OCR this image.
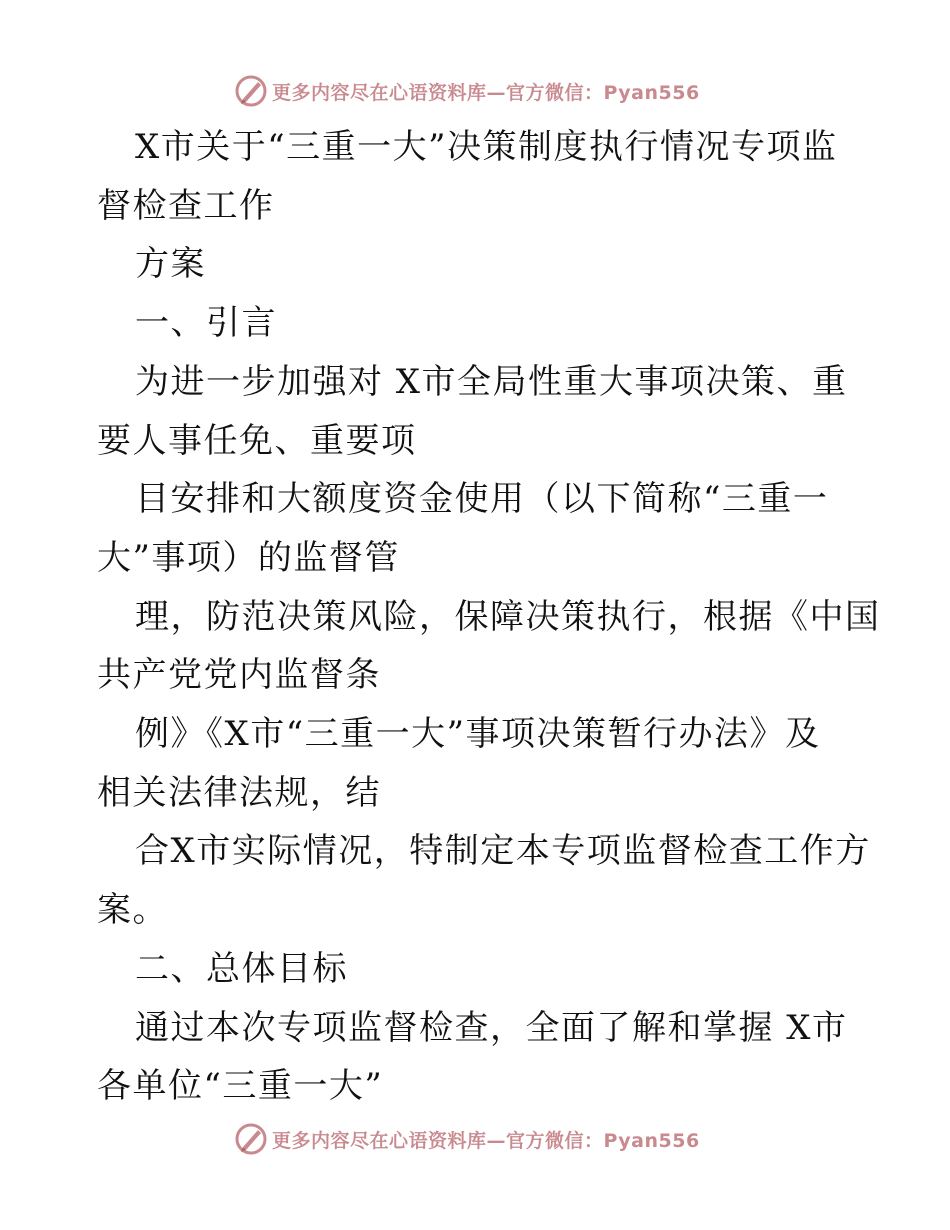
更多内容尽在心语资料库—官方微信：Pyan556
X市关于“三重一大”决策制度执行情况专项监
督检查工作
方案
一、引言
为进一步加强对 X市全局性重大事项决策、重
要人事任免、重要项
目安排和大额度资金使用（以下简称“三重一
大”事项）的监督管
理，防范决策风险，保障决策执行，根据《中国
共产党党内监督条
例》《X市“三重一大”事项决策暂行办法》及
相关法律法规，结
合X市实际情况，特制定本专项监督检查工作方
案。
二、总体目标
通过本次专项监督检查，全面了解和掌握 X市
各单位“三重一大”
更多内容尽在心语资料库—官方微信：Pyan556
